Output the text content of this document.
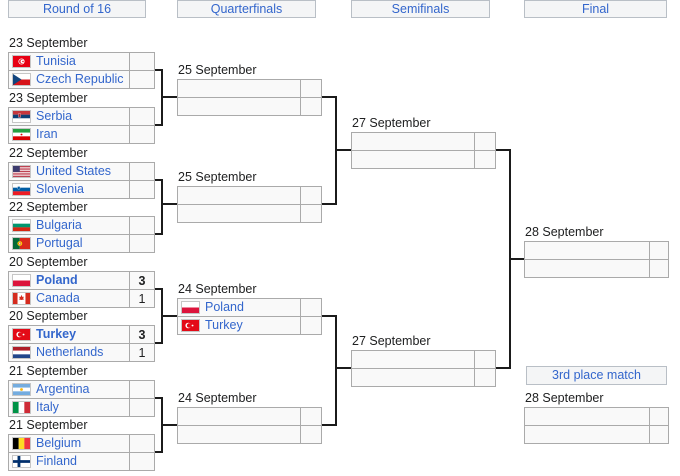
Round of 16	Quarterfinals	Semifinals	Final
3rd place match
23 September
Tunisia
Czech Republic
23 September
Serbia
Iran
22 September
United States
Slovenia
22 September
Bulgaria
Portugal
20 September
Poland	3
Canada	1
20 September
Turkey	3
Netherlands	1
21 September
Argentina
Italy
21 September
Belgium
Finland
25 September
25 September
24 September
Poland
Turkey
24 September
27 September
27 September
28 September
28 September
